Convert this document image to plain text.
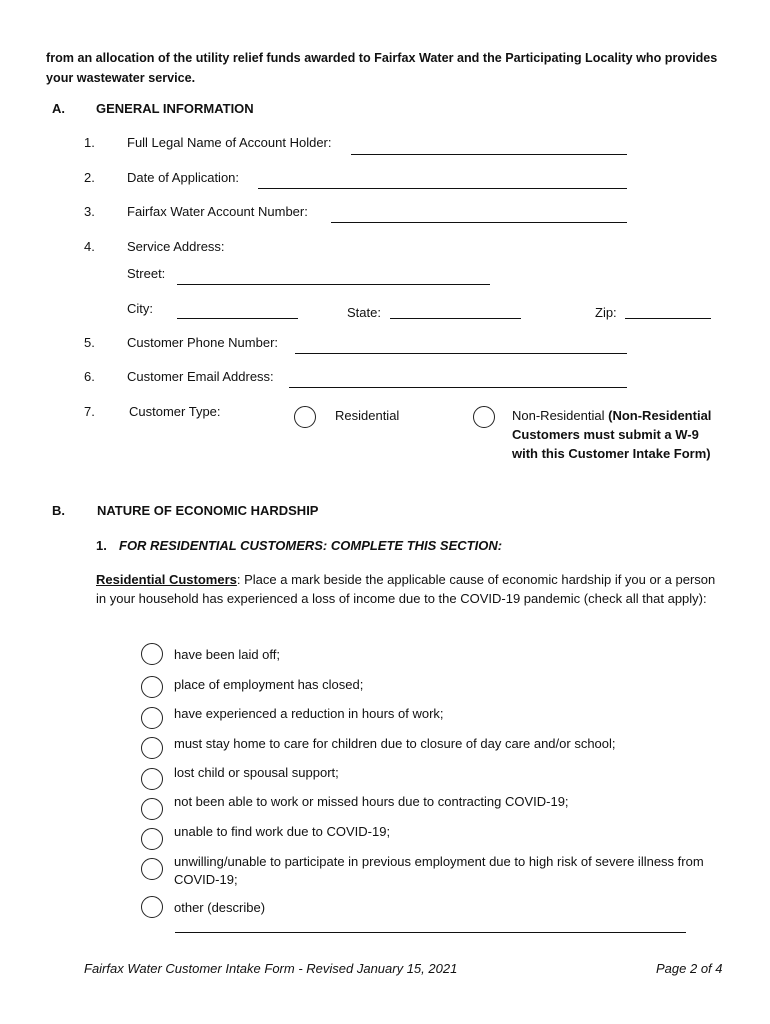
from an allocation of the utility relief funds awarded to Fairfax Water and the Participating Locality who provides your wastewater service.
A. GENERAL INFORMATION
1. Full Legal Name of Account Holder:
2. Date of Application:
3. Fairfax Water Account Number:
4. Service Address:
Street:
City:	State:	Zip:
5. Customer Phone Number:
6. Customer Email Address:
7.	Customer Type:	Residential	Non-Residential (Non-Residential Customers must submit a W-9 with this Customer Intake Form)
B. NATURE OF ECONOMIC HARDSHIP
1. FOR RESIDENTIAL CUSTOMERS: COMPLETE THIS SECTION:
Residential Customers: Place a mark beside the applicable cause of economic hardship if you or a person in your household has experienced a loss of income due to the COVID-19 pandemic (check all that apply):
have been laid off;
place of employment has closed;
have experienced a reduction in hours of work;
must stay home to care for children due to closure of day care and/or school;
lost child or spousal support;
not been able to work or missed hours due to contracting COVID-19;
unable to find work due to COVID-19;
unwilling/unable to participate in previous employment due to high risk of severe illness from COVID-19;
other (describe)
Fairfax Water Customer Intake Form - Revised January 15, 2021	Page 2 of 4
